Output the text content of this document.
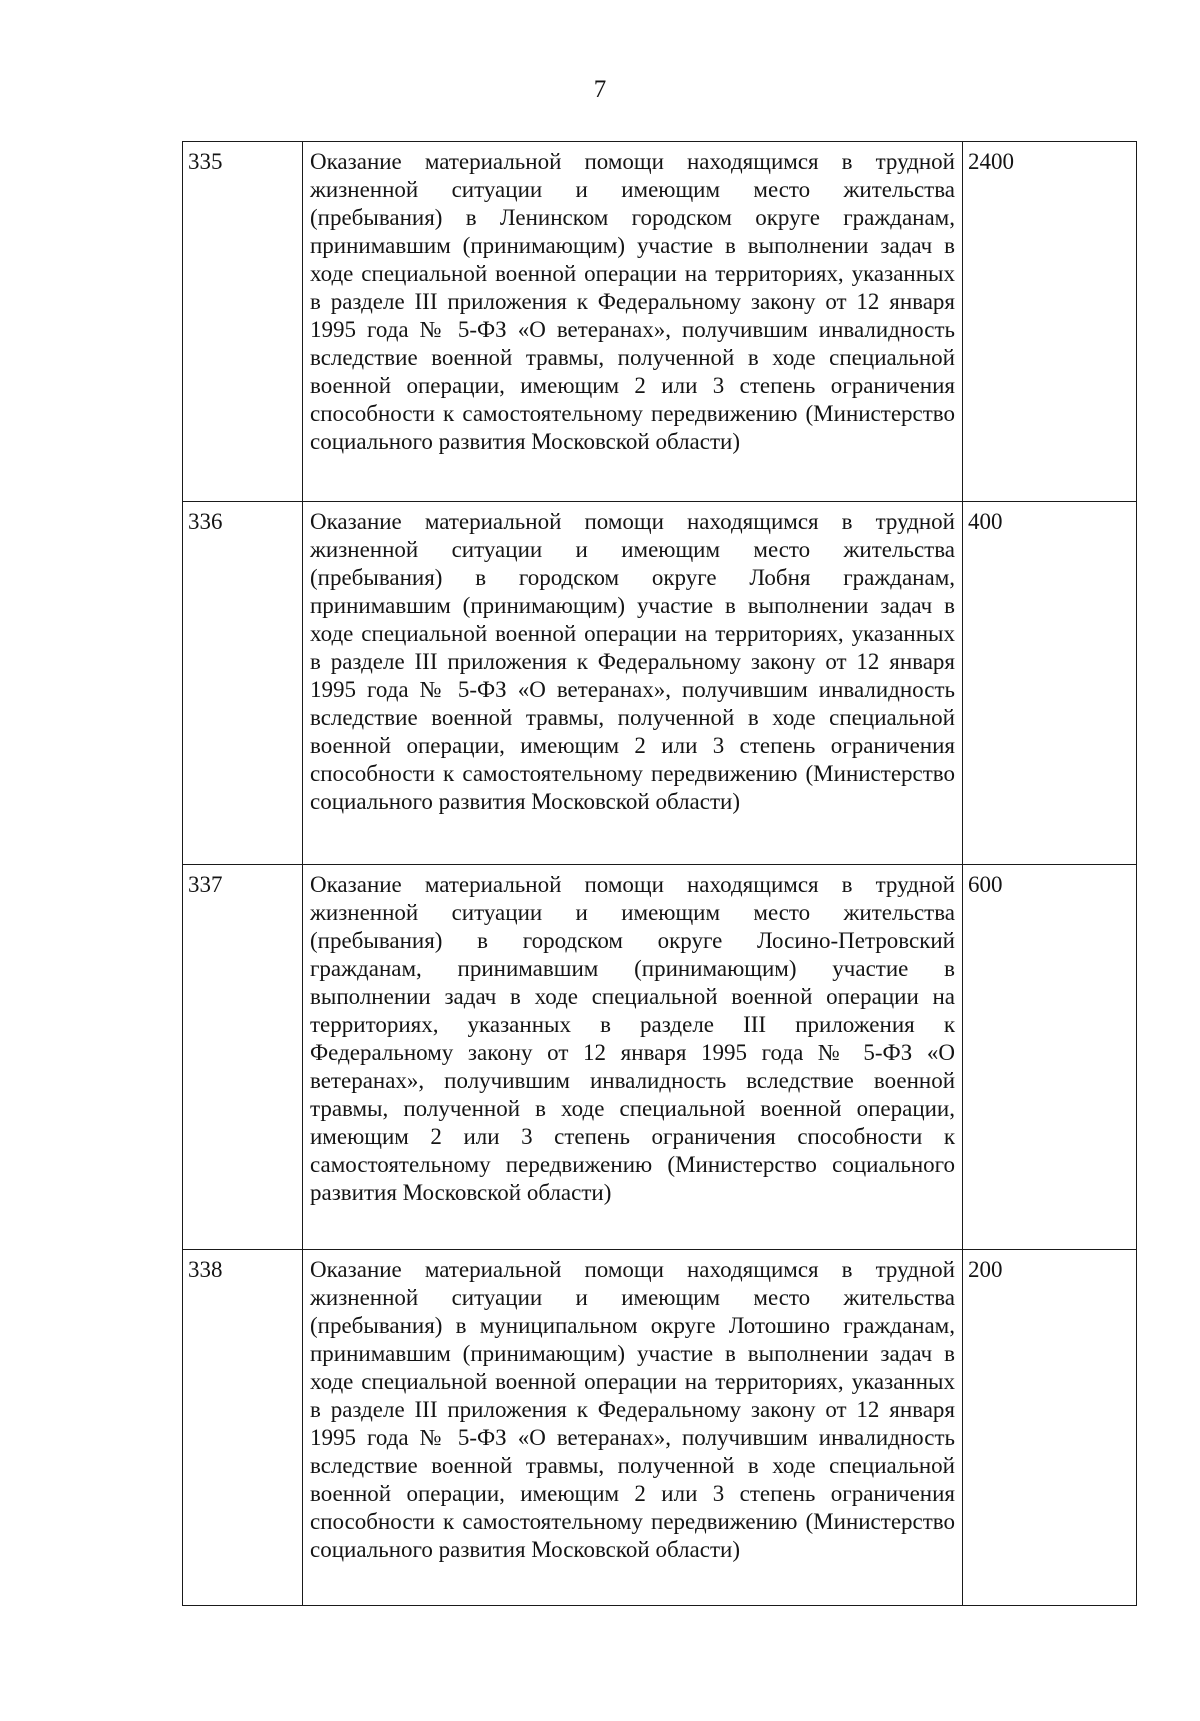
7
335	Оказание материальной помощи находящимся в трудной жизненной ситуации и имеющим место жительства (пребывания) в Ленинском городском округе гражданам, принимавшим (принимающим) участие в выполнении задач в ходе специальной военной операции на территориях, указанных в разделе III приложения к Федеральному закону от 12 января 1995 года № 5-ФЗ «О ветеранах», получившим инвалидность вследствие военной травмы, полученной в ходе специальной военной операции, имеющим 2 или 3 степень ограничения способности к самостоятельному передвижению (Министерство социального развития Московской области)	2400
336	Оказание материальной помощи находящимся в трудной жизненной ситуации и имеющим место жительства (пребывания) в городском округе Лобня гражданам, принимавшим (принимающим) участие в выполнении задач в ходе специальной военной операции на территориях, указанных в разделе III приложения к Федеральному закону от 12 января 1995 года № 5-ФЗ «О ветеранах», получившим инвалидность вследствие военной травмы, полученной в ходе специальной военной операции, имеющим 2 или 3 степень ограничения способности к самостоятельному передвижению (Министерство социального развития Московской области)	400
337	Оказание материальной помощи находящимся в трудной жизненной ситуации и имеющим место жительства (пребывания) в городском округе Лосино-Петровский гражданам, принимавшим (принимающим) участие в выполнении задач в ходе специальной военной операции на территориях, указанных в разделе III приложения к Федеральному закону от 12 января 1995 года № 5-ФЗ «О ветеранах», получившим инвалидность вследствие военной травмы, полученной в ходе специальной военной операции, имеющим 2 или 3 степень ограничения способности к самостоятельному передвижению (Министерство социального развития Московской области)	600
338	Оказание материальной помощи находящимся в трудной жизненной ситуации и имеющим место жительства (пребывания) в муниципальном округе Лотошино гражданам, принимавшим (принимающим) участие в выполнении задач в ходе специальной военной операции на территориях, указанных в разделе III приложения к Федеральному закону от 12 января 1995 года № 5-ФЗ «О ветеранах», получившим инвалидность вследствие военной травмы, полученной в ходе специальной военной операции, имеющим 2 или 3 степень ограничения способности к самостоятельному передвижению (Министерство социального развития Московской области)	200
